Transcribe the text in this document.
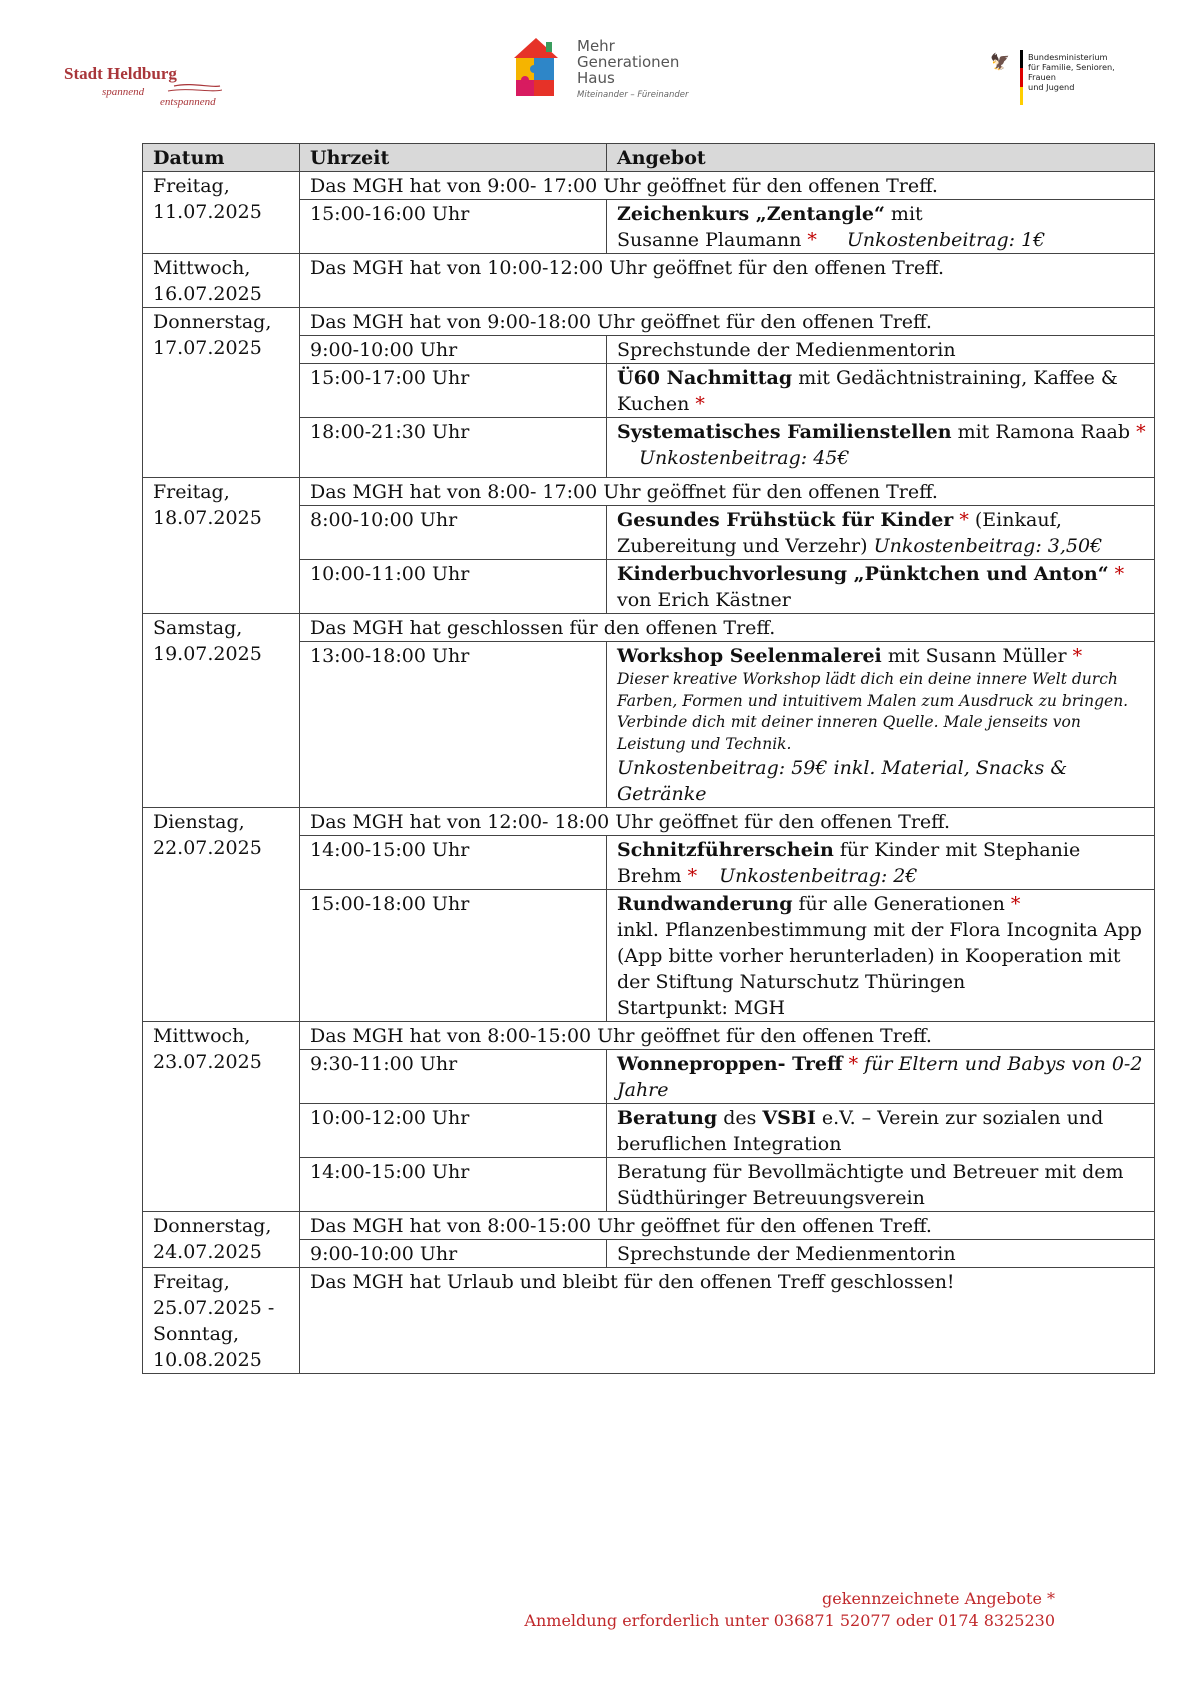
Stadt Heldburg
spannend
entspannend
Mehr
Generationen
Haus
Miteinander – Füreinander
🦅 Bundesministerium
für Familie, Senioren, Frauen
und Jugend
Datum	Uhrzeit	Angebot
Freitag,
11.07.2025	Das MGH hat von 9:00- 17:00 Uhr geöffnet für den offenen Treff.	
	15:00-16:00 Uhr	Zeichenkurs „Zentangle“ mit
Susanne Plaumann * Unkostenbeitrag: 1€
Mittwoch,
16.07.2025	Das MGH hat von 10:00-12:00 Uhr geöffnet für den offenen Treff.	
Donnerstag,
17.07.2025	Das MGH hat von 9:00-18:00 Uhr geöffnet für den offenen Treff.	
	9:00-10:00 Uhr	Sprechstunde der Medienmentorin
	15:00-17:00 Uhr	Ü60 Nachmittag mit Gedächtnistraining, Kaffee & Kuchen *
	18:00-21:30 Uhr	Systematisches Familienstellen mit Ramona Raab *Unkostenbeitrag: 45€
Freitag,
18.07.2025	Das MGH hat von 8:00- 17:00 Uhr geöffnet für den offenen Treff.	
	8:00-10:00 Uhr	Gesundes Frühstück für Kinder * (Einkauf, Zubereitung und Verzehr) Unkostenbeitrag: 3,50€
	10:00-11:00 Uhr	Kinderbuchvorlesung „Pünktchen und Anton“ *
von Erich Kästner
Samstag,
19.07.2025	Das MGH hat geschlossen für den offenen Treff.	
	13:00-18:00 Uhr	Workshop Seelenmalerei mit Susann Müller *
Dieser kreative Workshop lädt dich ein deine innere Welt durch Farben, Formen und intuitivem Malen zum Ausdruck zu bringen. Verbinde dich mit deiner inneren Quelle. Male jenseits von Leistung und Technik.
Unkostenbeitrag: 59€ inkl. Material, Snacks & Getränke

Dienstag,
22.07.2025	Das MGH hat von 12:00- 18:00 Uhr geöffnet für den offenen Treff.	
	14:00-15:00 Uhr	Schnitzführerschein für Kinder mit Stephanie Brehm * Unkostenbeitrag: 2€
	15:00-18:00 Uhr	Rundwanderung für alle Generationen *
inkl. Pflanzenbestimmung mit der Flora Incognita App (App bitte vorher herunterladen) in Kooperation mit der Stiftung Naturschutz Thüringen
Startpunkt: MGH
Mittwoch,
23.07.2025	Das MGH hat von 8:00-15:00 Uhr geöffnet für den offenen Treff.	
	9:30-11:00 Uhr	Wonneproppen- Treff * für Eltern und Babys von 0-2 Jahre
	10:00-12:00 Uhr	Beratung des VSBI e.V. – Verein zur sozialen und beruflichen Integration
	14:00-15:00 Uhr	Beratung für Bevollmächtigte und Betreuer mit dem Südthüringer Betreuungsverein
Donnerstag,
24.07.2025	Das MGH hat von 8:00-15:00 Uhr geöffnet für den offenen Treff.	
	9:00-10:00 Uhr	Sprechstunde der Medienmentorin
Freitag,
25.07.2025 -
Sonntag,
10.08.2025	Das MGH hat Urlaub und bleibt für den offenen Treff geschlossen!	
gekennzeichnete Angebote *
Anmeldung erforderlich unter 036871 52077 oder 0174 8325230
